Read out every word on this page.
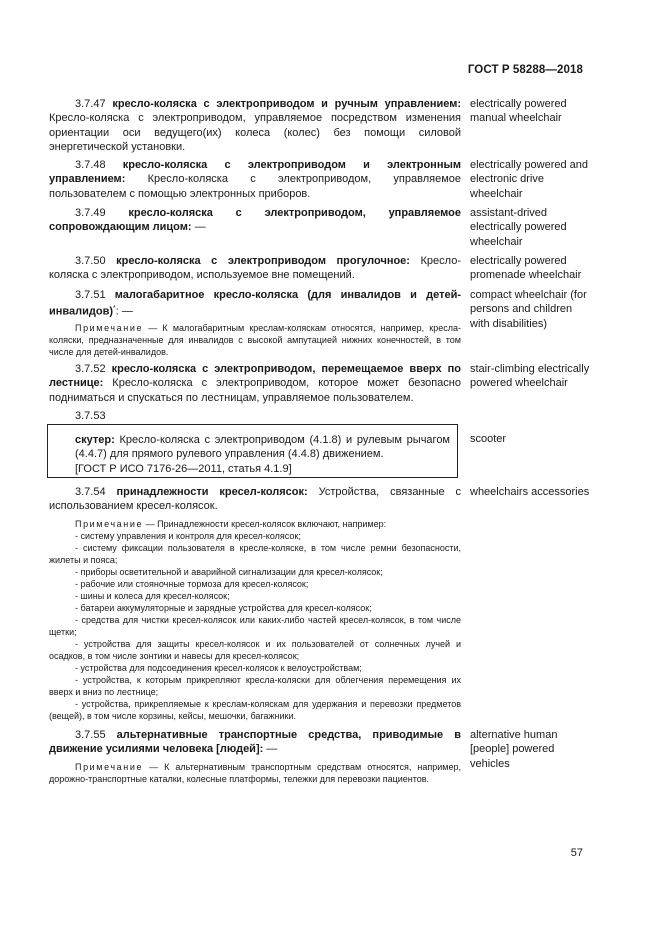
ГОСТ Р 58288—2018

3.7.47 кресло-коляска с электроприводом и ручным управлением: Кресло-коляска с электроприводом, управляемое посредством изменения ориентации оси ведущего(их) колеса (колес) без помощи силовой энергетической установки.

electrically powered manual wheelchair

3.7.48 кресло-коляска с электроприводом и электронным управлением: Кресло-коляска с электроприводом, управляемое пользователем с помощью электронных приборов.

electrically powered and electronic drive wheelchair

3.7.49 кресло-коляска с электроприводом, управляемое сопровождающим лицом: —

assistant-drived electrically powered wheelchair

3.7.50 кресло-коляска с электроприводом прогулочное: Кресло-коляска с электроприводом, используемое вне помещений.

electrically powered promenade wheelchair

3.7.51 малогабаритное кресло-коляска (для инвалидов и детей-инвалидов)*: —

compact wheelchair (for persons and children with disabilities)

Примечание — К малогабаритным креслам-коляскам относятся, например, кресла-коляски, предназначенные для инвалидов с высокой ампутацией нижних конечностей, в том числе для детей-инвалидов.

3.7.52 кресло-коляска с электроприводом, перемещаемое вверх по лестнице: Кресло-коляска с электроприводом, которое может безопасно подниматься и спускаться по лестницам, управляемое пользователем.

stair-climbing electrically powered wheelchair
3.7.53
скутер: Кресло-коляска с электроприводом (4.1.8) и рулевым рычагом (4.4.7) для прямого рулевого управления (4.4.8) движением.
[ГОСТ Р ИСО 7176-26—2011, статья 4.1.9]
scooter

3.7.54 принадлежности кресел-колясок: Устройства, связанные с использованием кресел-колясок.

wheelchairs accessories

Примечание — Принадлежности кресел-колясок включают, например:

- систему управления и контроля для кресел-колясок;

- систему фиксации пользователя в кресле-коляске, в том числе ремни безопасности, жилеты и пояса;

- приборы осветительной и аварийной сигнализации для кресел-колясок;

- рабочие или стояночные тормоза для кресел-колясок;

- шины и колеса для кресел-колясок;

- батареи аккумуляторные и зарядные устройства для кресел-колясок;

- средства для чистки кресел-колясок или каких-либо частей кресел-колясок, в том числе щетки;

- устройства для защиты кресел-колясок и их пользователей от солнечных лучей и осадков, в том числе зонтики и навесы для кресел-колясок;

- устройства для подсоединения кресел-колясок к велоустройствам;

- устройства, к которым прикрепляют кресла-коляски для облегчения перемещения их вверх и вниз по лестнице;

- устройства, прикрепляемые к креслам-коляскам для удержания и перевозки предметов (вещей), в том числе корзины, кейсы, мешочки, багажники.

3.7.55 альтернативные транспортные средства, приводимые в движение усилиями человека [людей]: —

alternative human [people] powered vehicles

Примечание — К альтернативным транспортным средствам относятся, например, дорожно-транспортные каталки, колесные платформы, тележки для перевозки пациентов.

57
